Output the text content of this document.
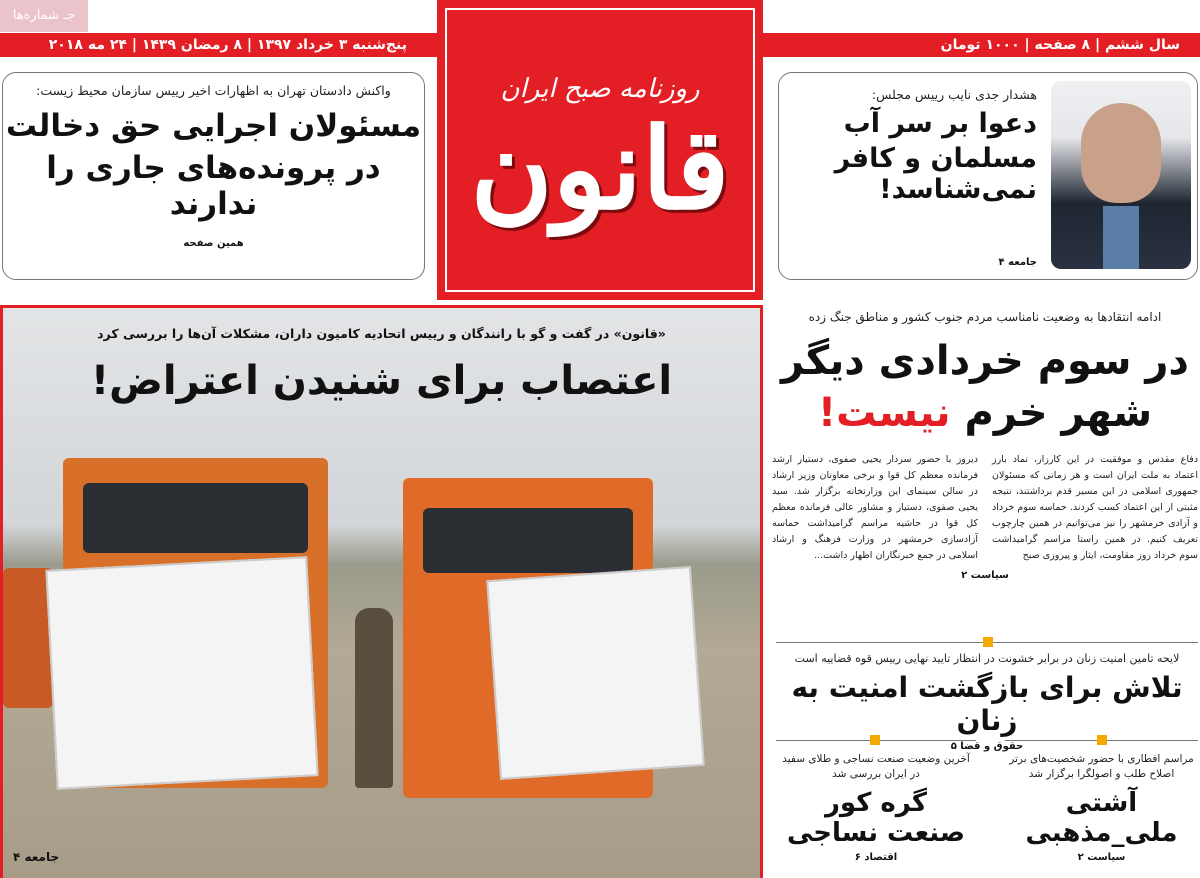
جـ شماره‌ها
پنج‌شنبه ۳ خرداد ۱۳۹۷ | ۸ رمضان ۱۴۳۹ | ۲۴ مه ۲۰۱۸	سال ششم | ۸ صفحه | ۱۰۰۰ تومان
روزنامه صبح ایران
قانون
واکنش دادستان تهران به اظهارات اخیر رییس سازمان محیط زیست:
مسئولان اجرایی حق دخالت
در پرونده‌های جاری را ندارند
همین صفحه
هشدار جدی نایب رییس مجلس:
دعوا بر سر آب
مسلمان و کافر نمی‌شناسد!
جامعه ۴
«قانون» در گفت و گو با رانندگان و رییس اتحادیه کامیون داران، مشکلات آن‌ها را بررسی کرد
اعتصاب برای شنیدن اعتراض!
جامعه ۴
ادامه انتقادها به وضعیت نامناسب مردم جنوب کشور و مناطق جنگ زده
در سوم خردادی دیگر
شهر خرم نیست!

دفاع مقدس و موفقیت در این کارزار، نماد بارز اعتماد به ملت ایران است و هر زمانی که مسئولان جمهوری اسلامی در این مسیر قدم برداشتند، نتیجه مثبتی از این اعتماد کسب کردند. حماسه سوم خرداد و آزادی خرمشهر را نیز می‌توانیم در همین چارچوب تعریف کنیم. در همین راستا مراسم گرامیداشت سوم خرداد روز مقاومت، ایثار و پیروزی صبح

دیروز با حضور سردار یحیی صفوی، دستیار ارشد فرمانده معظم کل قوا و برخی معاونان وزیر ارشاد در سالن سینمای این وزارتخانه برگزار شد. سید یحیی صفوی، دستیار و مشاور عالی فرمانده معظم کل قوا در حاشیه مراسم گرامیداشت حماسه آزادسازی خرمشهر در وزارت فرهنگ و ارشاد اسلامی در جمع خبرنگاران اظهار داشت...

سیاست ۲
لایحه تامین امنیت زنان در برابر خشونت در انتظار تایید نهایی رییس قوه قضاییه است
تلاش برای بازگشت امنیت به زنان
حقوق و قضا ۵
مراسم افطاری با حضور شخصیت‌های برتر اصلاح طلب و اصولگرا برگزار شد
آشتی
ملی_مذهبی
سیاست ۲
آخرین وضعیت صنعت نساجی و طلای سفید در ایران بررسی شد
گره کور
صنعت نساجی
اقتصاد ۶
